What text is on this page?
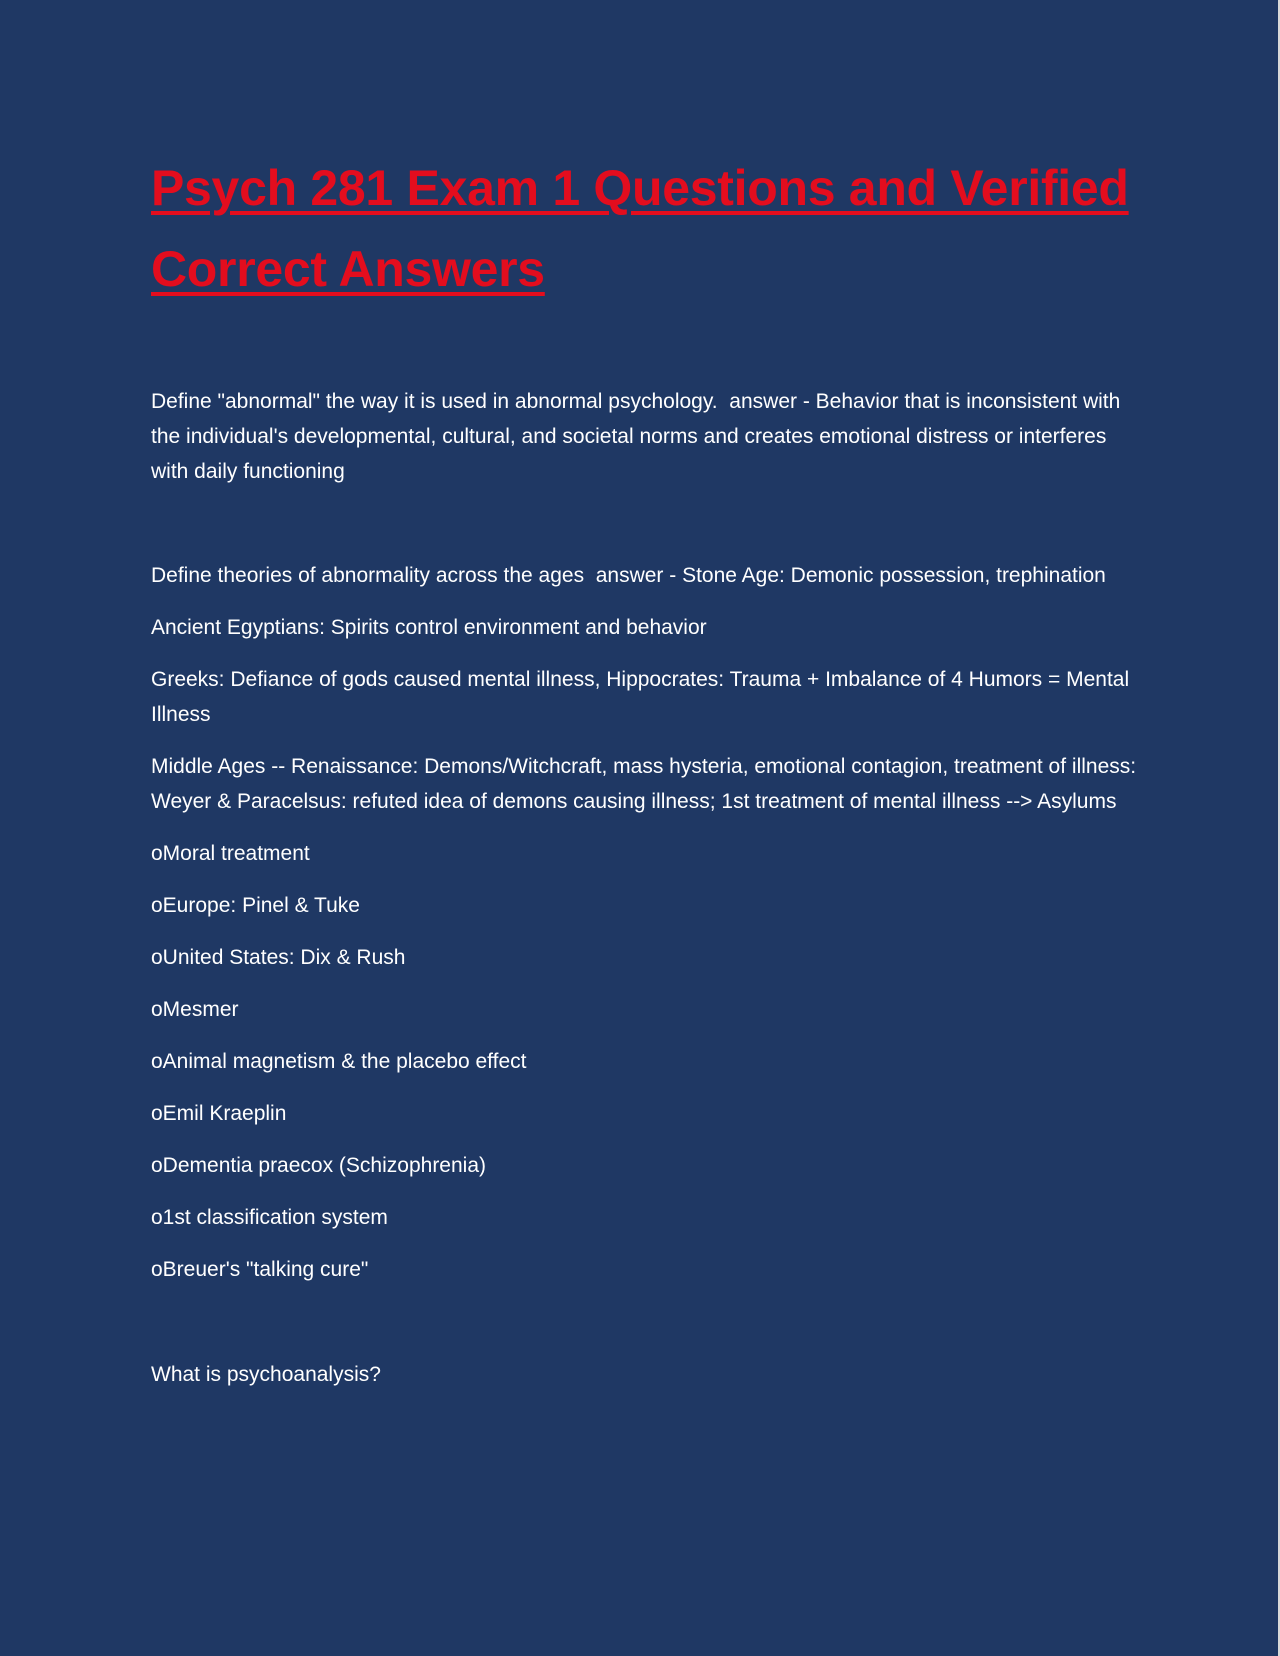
Psych 281 Exam 1 Questions and Verified Correct Answers

Define "abnormal" the way it is used in abnormal psychology.  answer - Behavior that is inconsistent with the individual's developmental, cultural, and societal norms and creates emotional distress or interferes with daily functioning

Define theories of abnormality across the ages  answer - Stone Age: Demonic possession, trephination

Ancient Egyptians: Spirits control environment and behavior

Greeks: Defiance of gods caused mental illness, Hippocrates: Trauma + Imbalance of 4 Humors = Mental Illness

Middle Ages -- Renaissance: Demons/Witchcraft, mass hysteria, emotional contagion, treatment of illness: Weyer & Paracelsus: refuted idea of demons causing illness; 1st treatment of mental illness --> Asylums

oMoral treatment

oEurope: Pinel & Tuke

oUnited States: Dix & Rush

oMesmer

oAnimal magnetism & the placebo effect

oEmil Kraeplin

oDementia praecox (Schizophrenia)

o1st classification system

oBreuer's "talking cure"

What is psychoanalysis?
